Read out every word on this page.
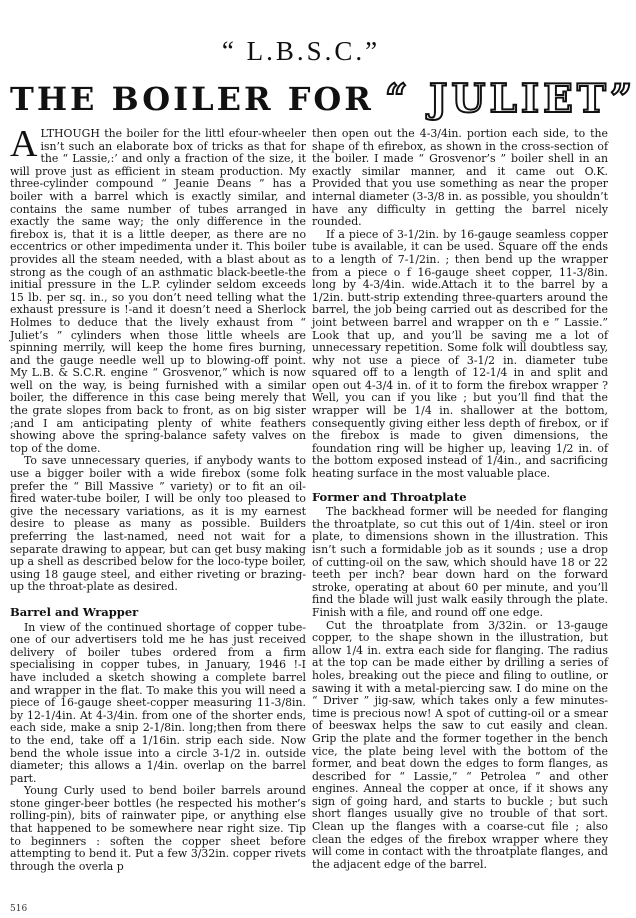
“ L.B.S.C.”
THE BOILER FOR “ JULIET”

ALTHOUGH the boiler for the littl efour-wheeler isn’t such an elaborate box of tricks as that for the “ Lassie,:’ and only a fraction of the size, it will prove just as efficient in steam production. My three-cylinder compound “ Jeanie Deans ” has a boiler with a barrel which is exactly similar, and contains the same number of tubes arranged in exactly the same way; the only difference in the firebox is, that it is a little deeper, as there are no eccentrics or other impedimenta under it. This boiler provides all the steam needed, with a blast about as strong as the cough of an asthmatic black-beetle-the initial pressure in the L.P. cylinder seldom exceeds 15 lb. per sq. in., so you don’t need telling what the exhaust pressure is !-and it doesn’t need a Sherlock Holmes to deduce that the lively exhaust from “ Juliet’s ” cylinders when those little wheels are spinning merrily, will keep the home fires burning, and the gauge needle well up to blowing-off point. My L.B. & S.C.R. engine “ Grosvenor,” which is now well on the way, is being furnished with a similar boiler, the difference in this case being merely that the grate slopes from back to front, as on big sister ;and I am anticipating plenty of white feathers showing above the spring-balance safety valves on top of the dome.

To save unnecessary queries, if anybody wants to use a bigger boiler with a wide firebox (some folk prefer the “ Bill Massive ” variety) or to fit an oil-fired water-tube boiler, I will be only too pleased to give the necessary variations, as it is my earnest desire to please as many as possible. Builders preferring the last-named, need not wait for a separate drawing to appear, but can get busy making up a shell as described below for the loco-type boiler, using 18 gauge steel, and either riveting or brazing-up the throat-plate as desired.

Barrel and Wrapper

In view of the continued shortage of copper tube-one of our advertisers told me he has just received delivery of boiler tubes ordered from a firm specialising in copper tubes, in January, 1946 !-I have included a sketch showing a complete barrel and wrapper in the flat. To make this you will need a piece of 16-gauge sheet-copper measuring 11-3/8in. by 12-1/4in. At 4-3/4in. from one of the shorter ends, each side, make a snip 2-1/8in. long;then from there to the end, take off a 1/16in. strip each side. Now bend the whole issue into a circle 3-1/2 in. outside diameter; this allows a 1/4in. overlap on the barrel part.

Young Curly used to bend boiler barrels around stone ginger-beer bottles (he respected his mother’s rolling-pin), bits of rainwater pipe, or anything else that happened to be somewhere near right size. Tip to beginners : soften the copper sheet before attempting to bend it. Put a few 3/32in. copper rivets through the overla p

then open out the 4-3/4in. portion each side, to the shape of th efirebox, as shown in the cross-section of the boiler. I made “ Grosvenor’s ” boiler shell in an exactly similar manner, and it came out O.K. Provided that you use something as near the proper internal diameter (3-3/8 in. as possible, you shouldn’t have any difficulty in getting the barrel nicely rounded.

If a piece of 3-1/2in. by 16-gauge seamless copper tube is available, it can be used. Square off the ends to a length of 7-1/2in. ; then bend up the wrapper from a piece o f 16-gauge sheet copper, 11-3/8in. long by 4-3/4in. wide.Attach it to the barrel by a 1/2in. butt-strip extending three-quarters around the barrel, the job being carried out as described for the joint between barrel and wrapper on th e ” Lassie.” Look that up, and you’ll be saving me a lot of unnecessary repetition. Some folk will doubtless say, why not use a piece of 3-1/2 in. diameter tube squared off to a length of 12-1/4 in and split and open out 4-3/4 in. of it to form the firebox wrapper ? Well, you can if you like ; but you’ll find that the wrapper will be 1/4 in. shallower at the bottom, consequently giving either less depth of firebox, or if the firebox is made to given dimensions, the foundation ring will be higher up, leaving 1/2 in. of the bottom exposed instead of 1/4in., and sacrificing heating surface in the most valuable place.

Former and Throatplate

The backhead former will be needed for flanging the throatplate, so cut this out of 1/4in. steel or iron plate, to dimensions shown in the illustration. This isn’t such a formidable job as it sounds ; use a drop of cutting-oil on the saw, which should have 18 or 22 teeth per inch? bear down hard on the forward stroke, operating at about 60 per minute, and you’ll find the blade will just walk easily through the plate. Finish with a file, and round off one edge.

Cut the throatplate from 3/32in. or 13-gauge copper, to the shape shown in the illustration, but allow 1/4 in. extra each side for flanging. The radius at the top can be made either by drilling a series of holes, breaking out the piece and filing to outline, or sawing it with a metal-piercing saw. I do mine on the “ Driver ” jig-saw, which takes only a few minutes-time is precious now! A spot of cutting-oil or a smear of beeswax helps the saw to cut easily and clean. Grip the plate and the former together in the bench vice, the plate being level with the bottom of the former, and beat down the edges to form flanges, as described for “ Lassie,” “ Petrolea ” and other engines. Anneal the copper at once, if it shows any sign of going hard, and starts to buckle ; but such short flanges usually give no trouble of that sort. Clean up the flanges with a coarse-cut file ; also clean the edges of the firebox wrapper where they will come in contact with the throatplate flanges, and the adjacent edge of the barrel.

516
